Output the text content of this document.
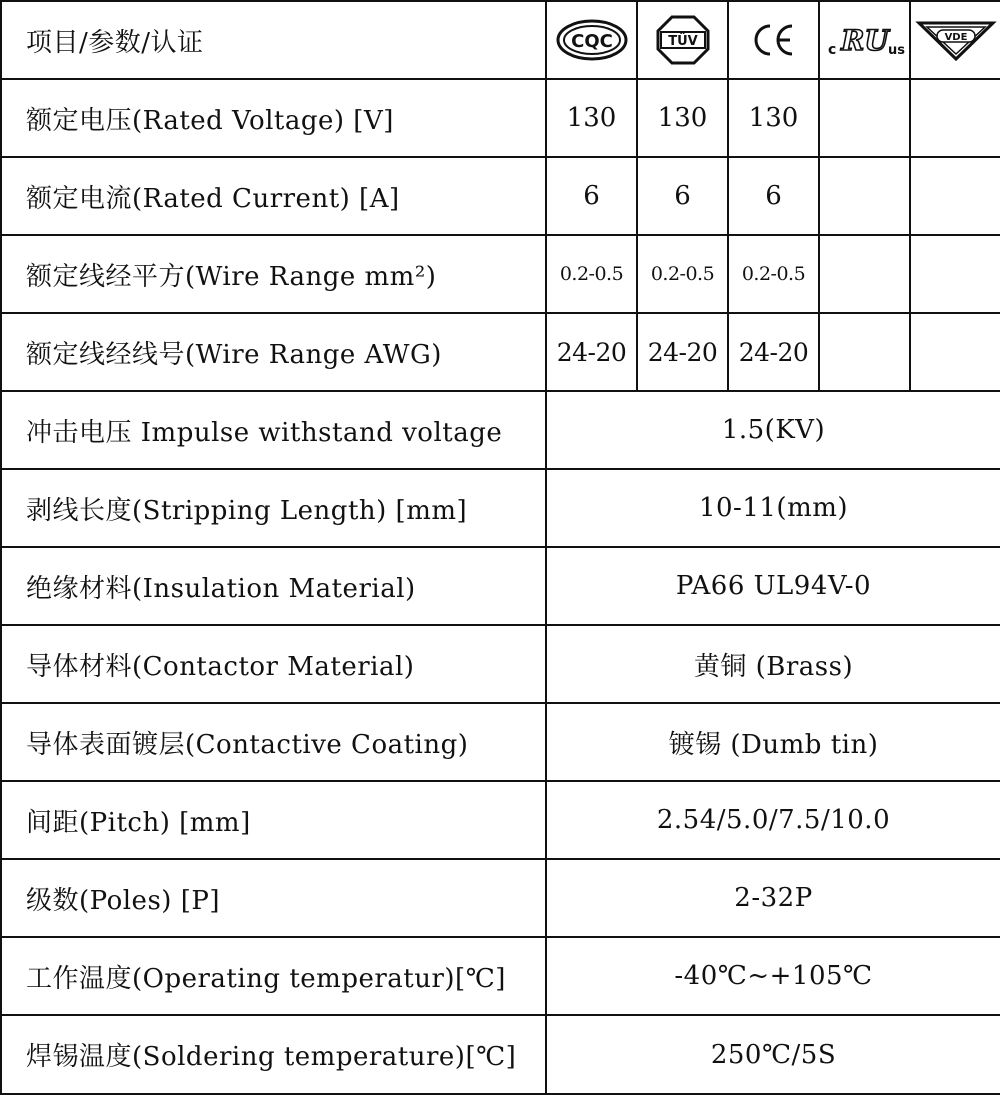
项目/参数/认证	CQC	TÜV	CE	c RU us	VDE

额定电压(Rated Voltage) [V]	130	130	130		
额定电流(Rated Current) [A]	6	6	6		
额定线经平方(Wire Range mm²)	0.2-0.5	0.2-0.5	0.2-0.5		
额定线经线号(Wire Range AWG)	24-20	24-20	24-20		
冲击电压 Impulse withstand voltage	1.5(KV)				
剥线长度(Stripping Length) [mm]	10-11(mm)				
绝缘材料(Insulation Material)	PA66 UL94V-0				
导体材料(Contactor Material)	黄铜 (Brass)				
导体表面镀层(Contactive Coating)	镀锡 (Dumb tin)				
间距(Pitch) [mm]	2.54/5.0/7.5/10.0				
级数(Poles) [P]	2-32P				
工作温度(Operating temperatur)[℃]	-40℃~+105℃				
焊锡温度(Soldering temperature)[℃]	250℃/5S				
